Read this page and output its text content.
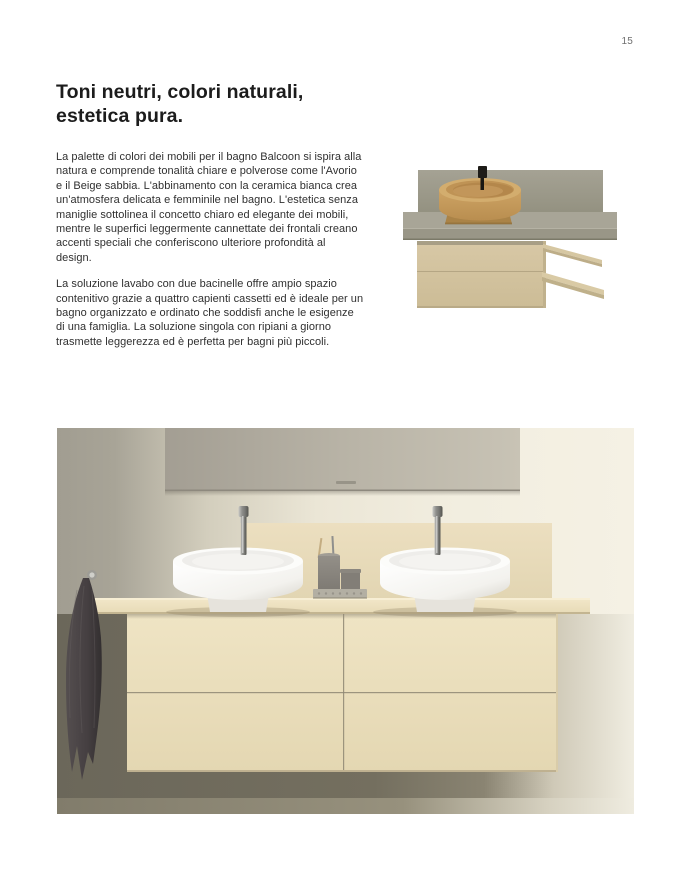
15
Toni neutri, colori naturali,
estetica pura.

La palette di colori dei mobili per il bagno Balcoon si ispira alla natura e comprende tonalità chiare e polverose come l'Avorio e il Beige sabbia. L'abbinamento con la ceramica bianca crea un'atmosfera delicata e femminile nel bagno. L'estetica senza maniglie sottolinea il concetto chiaro ed elegante dei mobili, mentre le superfici leggermente cannettate dei frontali creano accenti speciali che conferiscono ulteriore profondità al design.

La soluzione lavabo con due bacinelle offre ampio spazio contenitivo grazie a quattro capienti cassetti ed è ideale per un bagno organizzato e ordinato che soddisfi anche le esigenze di una famiglia. La soluzione singola con ripiani a giorno trasmette leggerezza ed è perfetta per bagni più piccoli.
